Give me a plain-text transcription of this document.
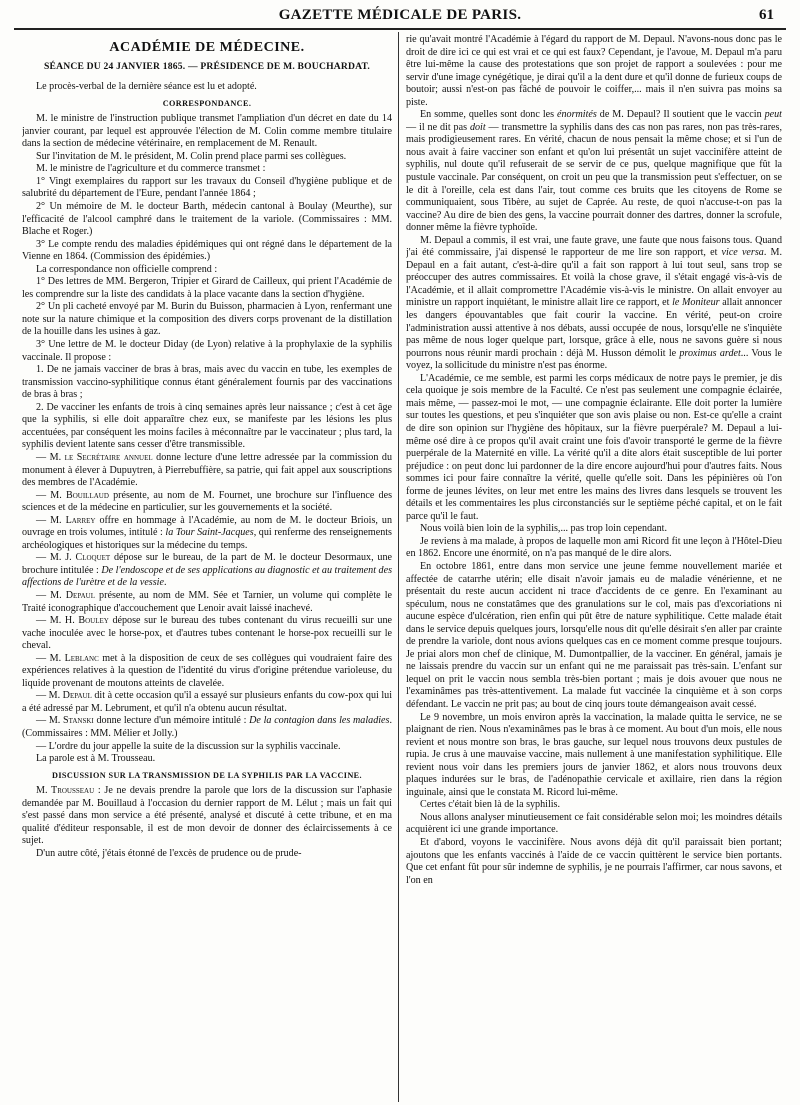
GAZETTE MÉDICALE DE PARIS.	61
ACADÉMIE DE MÉDECINE.
SÉANCE DU 24 JANVIER 1865. — PRÉSIDENCE DE M. BOUCHARDAT.

Le procès-verbal de la dernière séance est lu et adopté.

CORRESPONDANCE.

M. le ministre de l'instruction publique transmet l'ampliation d'un décret en date du 14 janvier courant, par lequel est approuvée l'élection de M. Colin comme membre titulaire dans la section de médecine vétérinaire, en remplacement de M. Renault.

Sur l'invitation de M. le président, M. Colin prend place parmi ses collègues.

M. le ministre de l'agriculture et du commerce transmet :

1° Vingt exemplaires du rapport sur les travaux du Conseil d'hygiène publique et de salubrité du département de l'Eure, pendant l'année 1864 ;

2° Un mémoire de M. le docteur Barth, médecin cantonal à Boulay (Meurthe), sur l'efficacité de l'alcool camphré dans le traitement de la variole. (Commissaires : MM. Blache et Roger.)

3° Le compte rendu des maladies épidémiques qui ont régné dans le département de la Vienne en 1864. (Commission des épidémies.)

La correspondance non officielle comprend :

1° Des lettres de MM. Bergeron, Tripier et Girard de Cailleux, qui prient l'Académie de les comprendre sur la liste des candidats à la place vacante dans la section d'hygiène.

2° Un pli cacheté envoyé par M. Burin du Buisson, pharmacien à Lyon, renfermant une note sur la nature chimique et la composition des divers corps provenant de la distillation de la houille dans les usines à gaz.

3° Une lettre de M. le docteur Diday (de Lyon) relative à la prophylaxie de la syphilis vaccinale. Il propose :

1. De ne jamais vacciner de bras à bras, mais avec du vaccin en tube, les exemples de transmission vaccino-syphilitique connus étant généralement fournis par des vaccinations de bras à bras ;

2. De vacciner les enfants de trois à cinq semaines après leur naissance ; c'est à cet âge que la syphilis, si elle doit apparaître chez eux, se manifeste par les lésions les plus accentuées, par conséquent les moins faciles à méconnaître par le vaccinateur ; plus tard, la syphilis devient latente sans cesser d'être transmissible.

— M. le Secrétaire annuel donne lecture d'une lettre adressée par la commission du monument à élever à Dupuytren, à Pierrebuffière, sa patrie, qui fait appel aux souscriptions des membres de l'Académie.

— M. Bouillaud présente, au nom de M. Fournet, une brochure sur l'influence des sciences et de la médecine en particulier, sur les gouvernements et la société.

— M. Larrey offre en hommage à l'Académie, au nom de M. le docteur Briois, un ouvrage en trois volumes, intitulé : la Tour Saint-Jacques, qui renferme des renseignements archéologiques et historiques sur la médecine du temps.

— M. J. Cloquet dépose sur le bureau, de la part de M. le docteur Desormaux, une brochure intitulée : De l'endoscope et de ses applications au diagnostic et au traitement des affections de l'urètre et de la vessie.

— M. Depaul présente, au nom de MM. Sée et Tarnier, un volume qui complète le Traité iconographique d'accouchement que Lenoir avait laissé inachevé.

— M. H. Bouley dépose sur le bureau des tubes contenant du virus recueilli sur une vache inoculée avec le horse-pox, et d'autres tubes contenant le horse-pox recueilli sur le cheval.

— M. Leblanc met à la disposition de ceux de ses collègues qui voudraient faire des expériences relatives à la question de l'identité du virus d'origine prétendue varioleuse, du liquide provenant de moutons atteints de clavelée.

— M. Depaul dit à cette occasion qu'il a essayé sur plusieurs enfants du cow-pox qui lui a été adressé par M. Lebrument, et qu'il n'a obtenu aucun résultat.

— M. Stanski donne lecture d'un mémoire intitulé : De la contagion dans les maladies. (Commissaires : MM. Mélier et Jolly.)

— L'ordre du jour appelle la suite de la discussion sur la syphilis vaccinale.

La parole est à M. Trousseau.

DISCUSSION SUR LA TRANSMISSION DE LA SYPHILIS PAR LA VACCINE.

M. Trousseau : Je ne devais prendre la parole que lors de la discussion sur l'aphasie demandée par M. Bouillaud à l'occasion du dernier rapport de M. Lélut ; mais un fait qui s'est passé dans mon service a été présenté, analysé et discuté à cette tribune, et en ma qualité d'éditeur responsable, il est de mon devoir de donner des éclaircissements à ce sujet.

D'un autre côté, j'étais étonné de l'excès de prudence ou de prude-

rie qu'avait montré l'Académie à l'égard du rapport de M. Depaul. N'avons-nous donc pas le droit de dire ici ce qui est vrai et ce qui est faux? Cependant, je l'avoue, M. Depaul m'a paru être lui-même la cause des protestations que son projet de rapport a soulevées : pour me servir d'une image cynégétique, je dirai qu'il a la dent dure et qu'il donne de furieux coups de boutoir; aussi n'est-on pas fâché de pouvoir le coiffer,... mais il n'en suivra pas moins sa piste.

En somme, quelles sont donc les énormités de M. Depaul? Il soutient que le vaccin peut — il ne dit pas doit — transmettre la syphilis dans des cas non pas rares, non pas très-rares, mais prodigieusement rares. En vérité, chacun de nous pensait la même chose; et si l'un de nous avait à faire vacciner son enfant et qu'on lui présentât un sujet vaccinifère atteint de syphilis, nul doute qu'il refuserait de se servir de ce pus, quelque magnifique que fût la pustule vaccinale. Par conséquent, on croit un peu que la transmission peut s'effectuer, on se le dit à l'oreille, cela est dans l'air, tout comme ces bruits que les citoyens de Rome se communiquaient, sous Tibère, au sujet de Caprée. Au reste, de quoi n'accuse-t-on pas la vaccine? Au dire de bien des gens, la vaccine pourrait donner des dartres, donner la scrofule, donner même la fièvre typhoïde.

M. Depaul a commis, il est vrai, une faute grave, une faute que nous faisons tous. Quand j'ai été commissaire, j'ai dispensé le rapporteur de me lire son rapport, et vice versa. M. Depaul en a fait autant, c'est-à-dire qu'il a fait son rapport à lui tout seul, sans trop se préoccuper des autres commissaires. Et voilà la chose grave, il s'était engagé vis-à-vis de l'Académie, et il allait compromettre l'Académie vis-à-vis le ministre. On allait envoyer au ministre un rapport inquiétant, le ministre allait lire ce rapport, et le Moniteur allait annoncer les dangers épouvantables que fait courir la vaccine. En vérité, peut-on croire l'administration aussi attentive à nos débats, aussi occupée de nous, lorsqu'elle ne s'inquiète pas même de nous loger quelque part, lorsque, grâce à elle, nous ne savons guère si nous pourrons nous réunir mardi prochain : déjà M. Husson démolit le proximus ardet... Vous le voyez, la sollicitude du ministre n'est pas énorme.

L'Académie, ce me semble, est parmi les corps médicaux de notre pays le premier, je dis cela quoique je sois membre de la Faculté. Ce n'est pas seulement une compagnie éclairée, mais même, — passez-moi le mot, — une compagnie éclairante. Elle doit porter la lumière sur toutes les questions, et peu s'inquiéter que son avis plaise ou non. Est-ce qu'elle a craint de dire son opinion sur l'hygiène des hôpitaux, sur la fièvre puerpérale? M. Depaul a lui-même osé dire à ce propos qu'il avait craint une fois d'avoir transporté le germe de la fièvre puerpérale de la Maternité en ville. La vérité qu'il a dite alors était susceptible de lui porter préjudice : on peut donc lui pardonner de la dire encore aujourd'hui pour d'autres faits. Nous sommes ici pour faire connaître la vérité, quelle qu'elle soit. Dans les pépinières où l'on forme de jeunes lévites, on leur met entre les mains des livres dans lesquels se trouvent les détails et les commentaires les plus circonstanciés sur le septième péché capital, et on le fait parce qu'il le faut.

Nous voilà bien loin de la syphilis,... pas trop loin cependant.

Je reviens à ma malade, à propos de laquelle mon ami Ricord fit une leçon à l'Hôtel-Dieu en 1862. Encore une énormité, on n'a pas manqué de le dire alors.

En octobre 1861, entre dans mon service une jeune femme nouvellement mariée et affectée de catarrhe utérin; elle disait n'avoir jamais eu de maladie vénérienne, et ne présentait du reste aucun accident ni trace d'accidents de ce genre. En l'examinant au spéculum, nous ne constatâmes que des granulations sur le col, mais pas d'excoriations ni aucune espèce d'ulcération, rien enfin qui pût être de nature syphilitique. Cette malade était dans le service depuis quelques jours, lorsqu'elle nous dit qu'elle désirait s'en aller par crainte de prendre la variole, dont nous avions quelques cas en ce moment comme presque toujours. Je priai alors mon chef de clinique, M. Dumontpallier, de la vacciner. En général, jamais je ne laissais prendre du vaccin sur un enfant qui ne me paraissait pas très-sain. L'enfant sur lequel on prit le vaccin nous sembla très-bien portant ; mais je dois avouer que nous ne l'examinâmes pas très-attentivement. La malade fut vaccinée la cinquième et à son corps défendant. Le vaccin ne prit pas; au bout de cinq jours toute démangeaison avait cessé.

Le 9 novembre, un mois environ après la vaccination, la malade quitta le service, ne se plaignant de rien. Nous n'examinâmes pas le bras à ce moment. Au bout d'un mois, elle nous revient et nous montre son bras, le bras gauche, sur lequel nous trouvons deux pustules de rupia. Je crus à une mauvaise vaccine, mais nullement à une manifestation syphilitique. Elle revient nous voir dans les premiers jours de janvier 1862, et alors nous trouvons deux plaques indurées sur le bras, de l'adénopathie cervicale et axillaire, rien dans la région inguinale, ainsi que le constata M. Ricord lui-même.

Certes c'était bien là de la syphilis.

Nous allons analyser minutieusement ce fait considérable selon moi; les moindres détails acquièrent ici une grande importance.

Et d'abord, voyons le vaccinifère. Nous avons déjà dit qu'il paraissait bien portant; ajoutons que les enfants vaccinés à l'aide de ce vaccin quittèrent le service bien portants. Que cet enfant fût pour sûr indemne de syphilis, je ne pourrais l'affirmer, car nous savons, et l'on en
